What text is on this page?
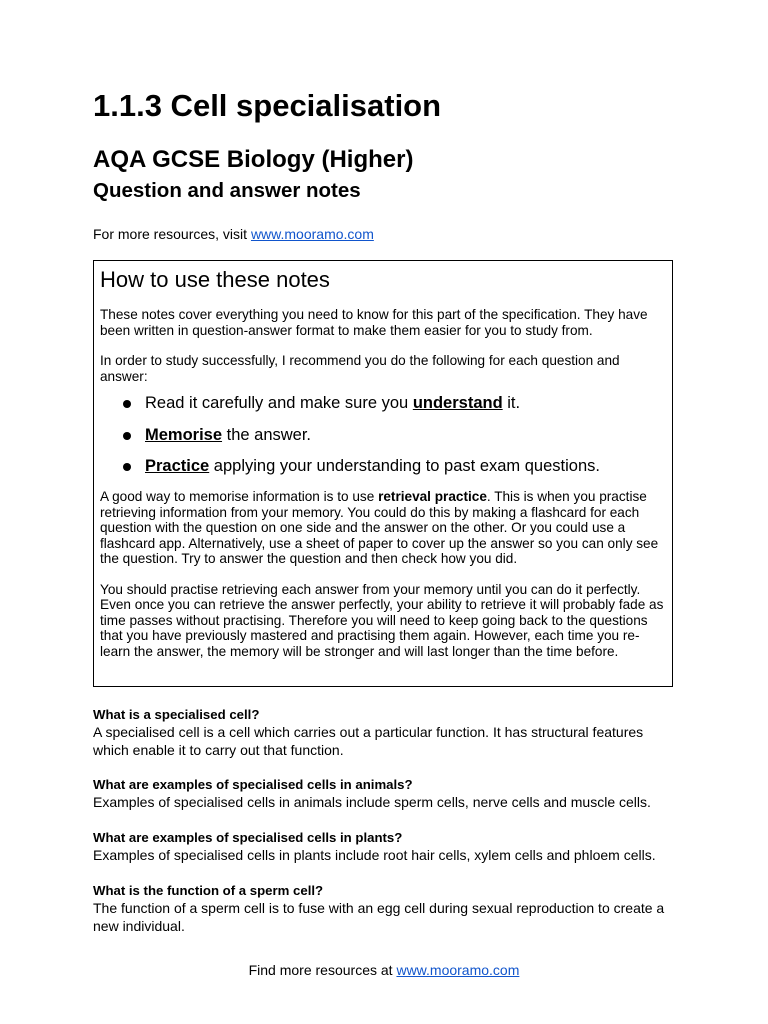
1.1.3 Cell specialisation
AQA GCSE Biology (Higher)
Question and answer notes
For more resources, visit www.mooramo.com
How to use these notes

These notes cover everything you need to know for this part of the specification. They have been written in question-answer format to make them easier for you to study from.

In order to study successfully, I recommend you do the following for each question and answer:

Read it carefully and make sure you understand it.
Memorise the answer.
Practice applying your understanding to past exam questions.

A good way to memorise information is to use retrieval practice. This is when you practise retrieving information from your memory. You could do this by making a flashcard for each question with the question on one side and the answer on the other. Or you could use a flashcard app. Alternatively, use a sheet of paper to cover up the answer so you can only see the question. Try to answer the question and then check how you did.

You should practise retrieving each answer from your memory until you can do it perfectly. Even once you can retrieve the answer perfectly, your ability to retrieve it will probably fade as time passes without practising. Therefore you will need to keep going back to the questions that you have previously mastered and practising them again. However, each time you re-learn the answer, the memory will be stronger and will last longer than the time before.

What is a specialised cell?

A specialised cell is a cell which carries out a particular function. It has structural features which enable it to carry out that function.

What are examples of specialised cells in animals?

Examples of specialised cells in animals include sperm cells, nerve cells and muscle cells.

What are examples of specialised cells in plants?

Examples of specialised cells in plants include root hair cells, xylem cells and phloem cells.

What is the function of a sperm cell?

The function of a sperm cell is to fuse with an egg cell during sexual reproduction to create a new individual.

Find more resources at www.mooramo.com
